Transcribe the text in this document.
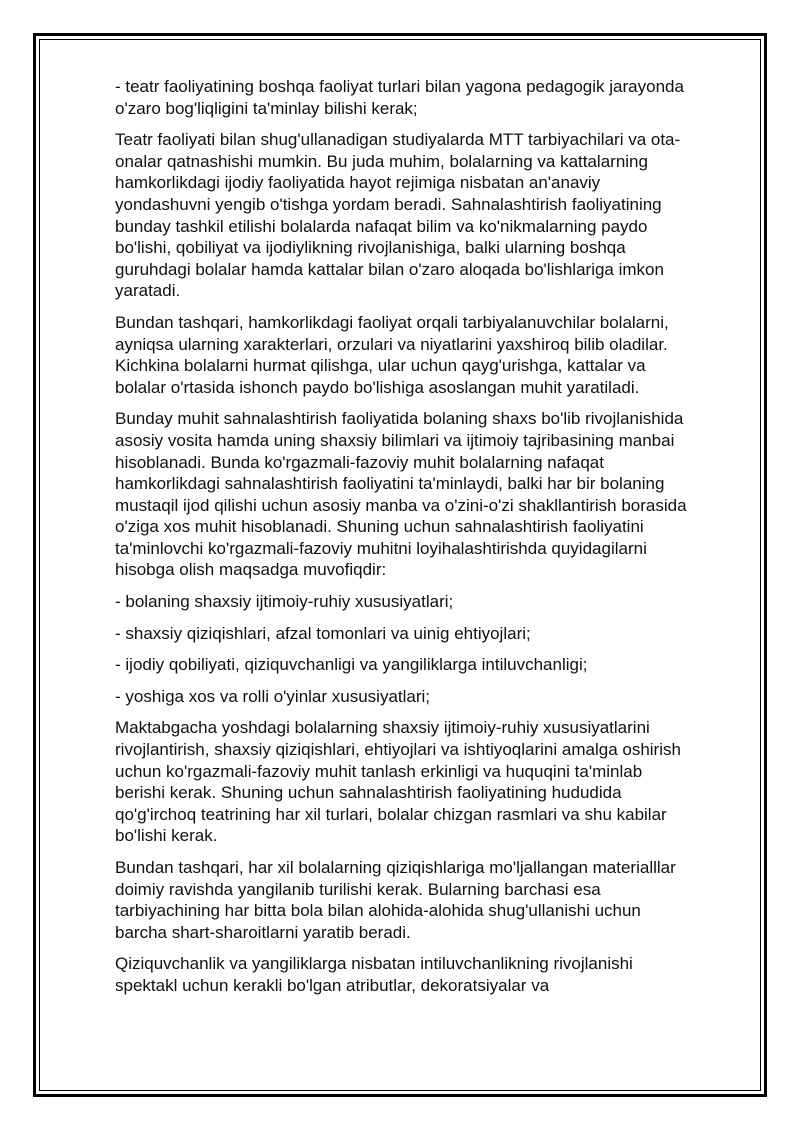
- teatr faoliyatining boshqa faoliyat turlari bilan yagona pedagogik jarayonda o'zaro bog'liqligini ta'minlay bilishi kerak;

Teatr faoliyati bilan shug'ullanadigan studiyalarda MTT tarbiyachilari va ota-onalar qatnashishi mumkin. Bu juda muhim, bolalarning va kattalarning hamkorlikdagi ijodiy faoliyatida hayot rejimiga nisbatan an'anaviy yondashuvni yengib o'tishga yordam beradi. Sahnalashtirish faoliyatining bunday tashkil etilishi bolalarda nafaqat bilim va ko'nikmalarning paydo bo'lishi, qobiliyat va ijodiylikning rivojlanishiga, balki ularning boshqa guruhdagi bolalar hamda kattalar bilan o'zaro aloqada bo'lishlariga imkon yaratadi.

Bundan tashqari, hamkorlikdagi faoliyat orqali tarbiyalanuvchilar bolalarni, ayniqsa ularning xarakterlari, orzulari va niyatlarini yaxshiroq bilib oladilar. Kichkina bolalarni hurmat qilishga, ular uchun qayg'urishga, kattalar va bolalar o'rtasida ishonch paydo bo'lishiga asoslangan muhit yaratiladi.

Bunday muhit sahnalashtirish faoliyatida bolaning shaxs bo'lib rivojlanishida asosiy vosita hamda uning shaxsiy bilimlari va ijtimoiy tajribasining manbai hisoblanadi. Bunda ko'rgazmali-fazoviy muhit bolalarning nafaqat hamkorlikdagi sahnalashtirish faoliyatini ta'minlaydi, balki har bir bolaning mustaqil ijod qilishi uchun asosiy manba va o'zini-o'zi shakllantirish borasida o'ziga xos muhit hisoblanadi. Shuning uchun sahnalashtirish faoliyatini ta'minlovchi ko'rgazmali-fazoviy muhitni loyihalashtirishda quyidagilarni hisobga olish maqsadga muvofiqdir:

- bolaning shaxsiy ijtimoiy-ruhiy xususiyatlari;

- shaxsiy qiziqishlari, afzal tomonlari va uinig ehtiyojlari;

- ijodiy qobiliyati, qiziquvchanligi va yangiliklarga intiluvchanligi;

- yoshiga xos va rolli o'yinlar xususiyatlari;

Maktabgacha yoshdagi bolalarning shaxsiy ijtimoiy-ruhiy xususiyatlarini rivojlantirish, shaxsiy qiziqishlari, ehtiyojlari va ishtiyoqlarini amalga oshirish uchun ko'rgazmali-fazoviy muhit tanlash erkinligi va huquqini ta'minlab berishi kerak. Shuning uchun sahnalashtirish faoliyatining hududida qo'g'irchoq teatrining har xil turlari, bolalar chizgan rasmlari va shu kabilar bo'lishi kerak.

Bundan tashqari, har xil bolalarning qiziqishlariga mo'ljallangan materialllar doimiy ravishda yangilanib turilishi kerak. Bularning barchasi esa tarbiyachining har bitta bola bilan alohida-alohida shug'ullanishi uchun barcha shart-sharoitlarni yaratib beradi.

Qiziquvchanlik va yangiliklarga nisbatan intiluvchanlikning rivojlanishi spektakl uchun kerakli bo'lgan atributlar, dekoratsiyalar va
